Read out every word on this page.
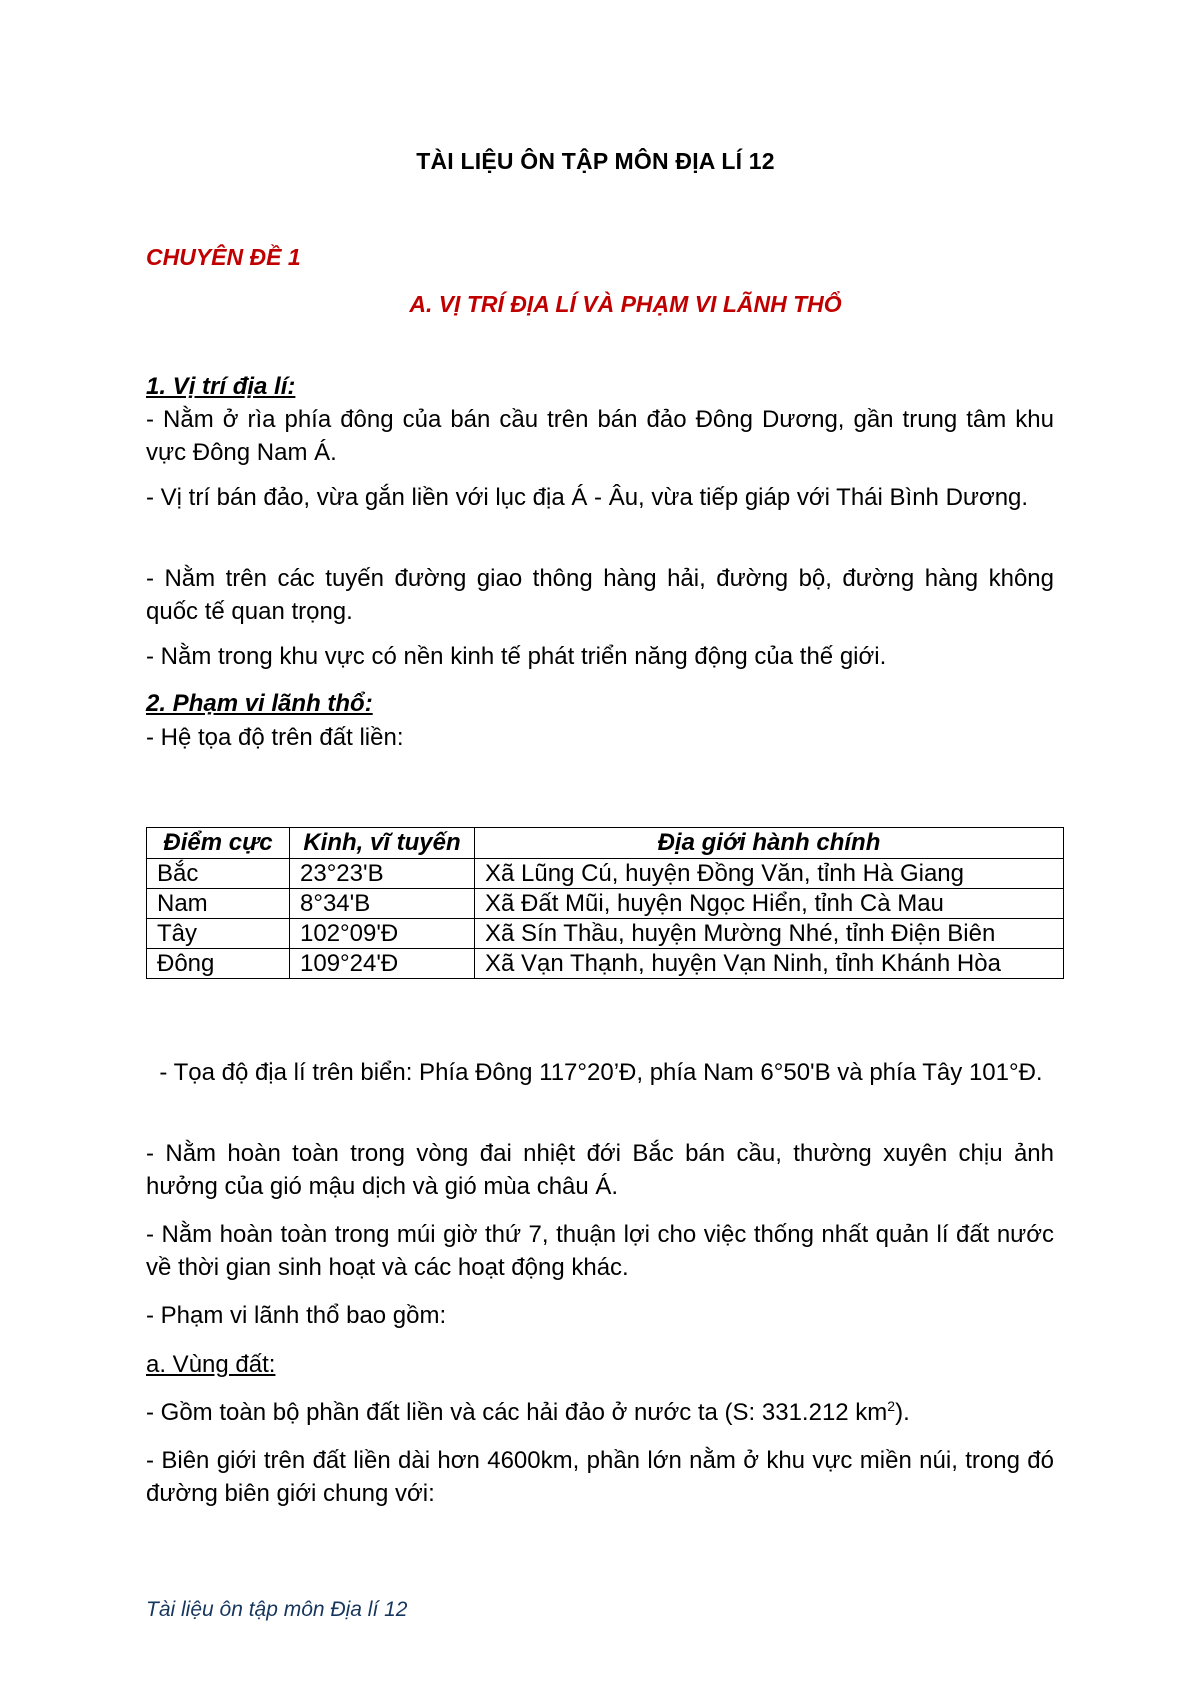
TÀI LIỆU ÔN TẬP MÔN ĐỊA LÍ 12
CHUYÊN ĐỀ 1
A. VỊ TRÍ ĐỊA LÍ VÀ PHẠM VI LÃNH THỔ
1. Vị trí địa lí:

- Nằm ở rìa phía đông của bán cầu trên bán đảo Đông Dương, gần trung tâm khu vực Đông Nam Á.

- Vị trí bán đảo, vừa gắn liền với lục địa Á - Âu, vừa tiếp giáp với Thái Bình Dương.

- Nằm trên các tuyến đường giao thông hàng hải, đường bộ, đường hàng không quốc tế quan trọng.

- Nằm trong khu vực có nền kinh tế phát triển năng động của thế giới.

2. Phạm vi lãnh thổ:

- Hệ tọa độ trên đất liền:

Điểm cực	Kinh, vĩ tuyến	Địa giới hành chính
Bắc	23°23'B	Xã Lũng Cú, huyện Đồng Văn, tỉnh Hà Giang
Nam	8°34'B	Xã Đất Mũi, huyện Ngọc Hiển, tỉnh Cà Mau
Tây	102°09'Đ	Xã Sín Thầu, huyện Mường Nhé, tỉnh Điện Biên
Đông	109°24'Đ	Xã Vạn Thạnh, huyện Vạn Ninh, tỉnh Khánh Hòa

- Tọa độ địa lí trên biển: Phía Đông 117°20’Đ, phía Nam 6°50'B và phía Tây 101°Đ.

- Nằm hoàn toàn trong vòng đai nhiệt đới Bắc bán cầu, thường xuyên chịu ảnh hưởng của gió mậu dịch và gió mùa châu Á.

- Nằm hoàn toàn trong múi giờ thứ 7, thuận lợi cho việc thống nhất quản lí đất nước về thời gian sinh hoạt và các hoạt động khác.

- Phạm vi lãnh thổ bao gồm:

a. Vùng đất:

- Gồm toàn bộ phần đất liền và các hải đảo ở nước ta (S: 331.212 $km^2$).

- Biên giới trên đất liền dài hơn 4600km, phần lớn nằm ở khu vực miền núi, trong đó đường biên giới chung với:

Tài liệu ôn tập môn Địa lí 12
